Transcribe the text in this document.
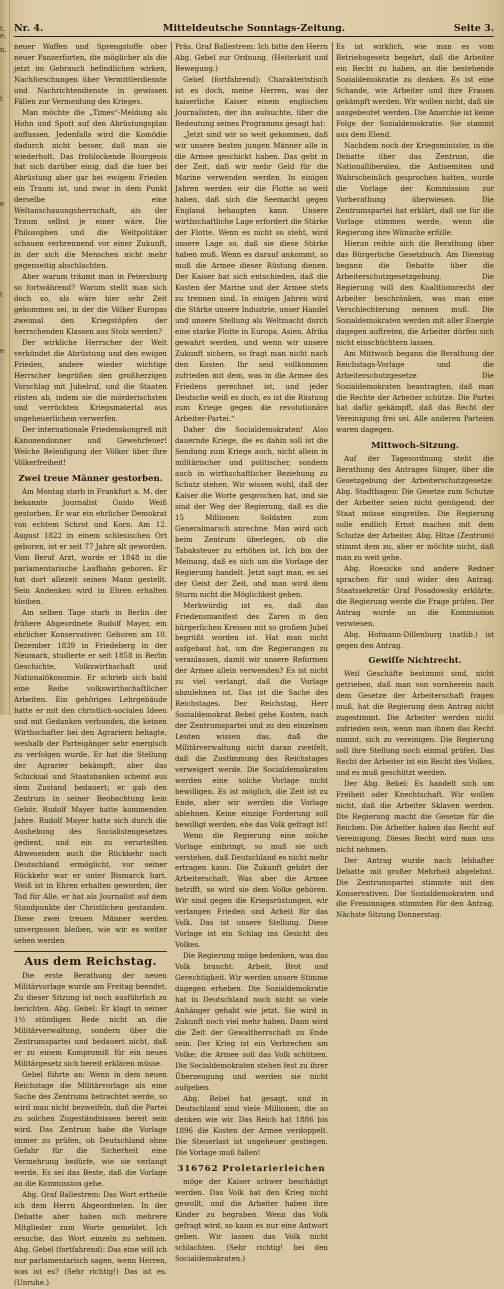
t.
e,

n.

t

e

t

e

Nr. 4.	Mitteldeutsche Sonntags-Zeitung.	Seite 3.

neuer Waffen und Sprengstoffe ober neuer Panzerforten, die möglicher als die jetzt im Gebrauch befindlichen wirken, Nachforschungen über Vermittlerdienste und Nachrichtendienste in gewissen Fällen zur Vermeidung des Krieges.

Man möchte die „Times“-Meldung als Hohn und Spott auf den Abrüstungsplan auffassen. Jedenfalls wird die Komödie dadurch nicht besser, daß man sie wiederholt. Das frohlockende Bourgeois hat sich darüber einig, daß die hier bei Abrüstung aber gar bei ewigem Frieden ein Traum ist, und zwar in dem Punkt derselbe eine Weltanschauungsherrschaft, als der Traum selbst je einer wäre. Die Philosophen und die Weltpolitiker schauen verbrennend vor einer Zukunft, in der sich die Menschen nicht mehr gegenseitig abschlachten.

Aber warum träumt man in Petersburg so fortwährend? Warum stellt man sich doch so, als wäre hier sehr Zeit gekommen sei, in der die Völker Europas zweimal den Kriegstöpfen der herrschenden Klassen aus Stolz werden?

Der wirkliche Herrscher der Welt verkündet die Abrüstung und den ewigen Frieden, andere wieder wichtige Herrscher begrüßen den großherzigen Vorschlag mit Jubelruf, und die Staaten rüsten ab, indem sie die mörderischsten und verrückten Kriegsmaterial aus ungeheuerlichem verwerfen.

Der internationale Friedenskongreß mit Kanonendonner und Gewehrfeuer! Welche Beleidigung der Völker über ihre Völkerfreiheit!

Zwei treue Männer gestorben.

Am Montag starb in Frankfurt a. M. der bekannte Journalist Guido Weiß gestorben. Er war ein ehrlicher Demokrat von echtem Schrot und Korn. Am 12. August 1822 in einem schlesischen Ort geboren, ist er seit 77 Jahre alt geworden. Vom Beruf Arzt, wurde er 1848 in die parlamentarische Laufbahn geboren. Er hat dort allezeit seinen Mann gestellt. Sein Andenken wird in Ehren erhalten bleiben.

Am selben Tage starb in Berlin der frühere Abgeordnete Rudolf Mayer, ein ehrlicher Konservativer. Geboren am 10. Dezember 1839 in Friedeberg in der Neumark, studierte er seit 1858 in Berlin Geschichte, Volkswirthschaft und Nationalökonomie. Er schrieb sich bald eine Reihe volkswirthschaftlicher Arbeiten. Ein gehöriges Lehrgebäude hatte er mit den christlich-socialen Ideen und mit Gedanken verbunden, die keinen Wirthschafter bei den Agrariern behagte, weshalb der Parteigänger sehr energisch zu verfolgen wurde. Er hat die Stellung der Agrarier bekämpft, aber das Schicksal und Staatsbanken scheint aus dem Zustand bedauert; er gab den Zentrum in seiner Beobachtung kein Gehör. Rudolf Mayer hatte kommenden Jahre. Rudolf Mayer hatte sich durch die Aushebung des Socialistengesetzes gedient, und ein zu verurteilten Abwesenden auch die Rückkehr nach Deutschland ermöglicht, vor seiner Rückkehr war er unter Bismarck hart. Weiß ist in Ehren erhalten geworden, der Tod für Alle, er hat als Journalist auf dem Standpunkte der Christlichen gestanden. Diese zwei treuen Männer werden unvergessen bleiben, wie wir es weiter sehen werden.

Aus dem Reichstag.

Die erste Berathung der neuen Militärvorlage wurde am Freitag beendet. Zu dieser Sitzung ist noch ausführlich zu berichten. Abg. Gebel: Er klagt in seiner 1½ stündigen Rede nicht an die Militärverwaltung, sondern über die Zentrumspartei und bedauert nicht, daß er zu einem Kompromiß für ein neues Militärgesetz sich bereit erklären müsse.

Gebel führte an: Wenn in dem neuen Reichstage die Militärvorlage als eine Sache des Zentrums betrachtet werde, so wird man nicht bezweifeln, daß die Partei zu solchen Zugeständnissen bereit sein wird. Das Zentrum habe die Vorlage immer zu prüfen, ob Deutschland ohne Gefahr für die Sicherheit eine Vermehrung bedürfe, wie sie verlangt werde. Es sei das Beste, daß die Vorlage an die Kommission gehe.

Abg. Graf Ballestrem: Das Wort ertheile ich dem Herrn Abgeordneten. In der Debatte aber haben sich mehrere Mitglieder zum Worte gemeldet. Ich ersuche, das Wort einzeln zu nehmen. Abg. Gebel (fortfahrend): Das eine will ich nur parlamentarisch sagen, wenn Herren, was ist es? (Sehr richtig!) Das ist es. (Unruhe.)

Präs. Graf Ballestrem: Ich bitte den Herrn Abg. Gebel zur Ordnung. (Heiterkeit und Bewegung.)

Gebel (fortfahrend): Charakteristisch ist es doch, meine Herren, was der kaiserliche Kaiser einem englischen Journalisten, der ihn aufsuchte, über die Bedeutung seines Programms gesagt hat:

„Jetzt sind wir so weit gekommen, daß wir unsere besten jungen Männer alle in die Armee geschickt haben. Das geht in der Zeit, daß wir mehr Geld für die Marine verwenden werden. In einigen Jahren werden wir die Flotte so weit haben, daß sich die Seemacht gegen England behaupten kann. Unsere wirthschaftliche Lage erfordert die Stärke der Flotte. Wenn es nicht so steht, wird unsere Lage so, daß sie diese Stärke haben muß. Wenn es darauf ankommt, so muß die Armee dieser Rüstung dienen. Der Kaiser hat sich entschieden, daß die Kosten der Marine und der Armee stets zu trennen sind. In einigen Jahren wird die Stärke unsere Industrie, unser Handel und unsere Stellung als Weltmacht durch eine starke Flotte in Europa, Asien, Afrika gewahrt werden, und wenn wir unsere Zukunft sichern, so fragt man nicht nach den Kosten. Ihr seid vollkommen zufrieden mit dem, was in die Armee des Friedens gerechnet ist, und jeder Deutsche weiß es doch, es ist die Rüstung zum Kriege gegen die revolutionäre Arbeiter-Partei.“

Daher die Socialdemokraten! Also dauernde Kriege, die es dahin soll ist die Sendung zum Kriege auch, nicht allein in militärischer und politischer, sondern auch in wirthschaftlicher Beziehung zu Schutz stehen. Wir wissen wohl, daß der Kaiser die Worte gesprochen hat, und sie sind der Weg der Regierung, daß es die 15 Millionen Soldaten zum Generalmarsch anrechne. Man wird sich beim Zentrum überlegen, ob die Tabaksteuer zu erhöhen ist. Ich bin der Meinung, daß es sich um die Vorlage der Regierung handelt. Jetzt sagt man, es sei der Geist der Zeit, und man wird dem Sturm nicht die Möglichkeit geben.

Merkwürdig ist es, daß das Friedensmanifest des Zaren in den bürgerlichen Kreisen mit so großem Jubel begrüßt worden ist. Hat man nicht aufgebaut hat, um die Regierungen zu veranlassen, damit wir unsere Reformen der Armee allein verwenden? Es ist nicht zu viel verlangt, daß die Vorlage abzulehnen ist. Das ist die Sache des Reichstages. Der Reichstag, Herr Sozialdemokrat Bebel gehe Kosten, nach der Zentrumspartei und zu den einzelnen Leuten wissen das, daß die Militärverwaltung nicht daran zweifelt, daß die Zustimmung des Reichstages verweigert werde. Die Socialdemokraten werden eine solche Vorlage nicht bewilligen. Es ist möglich, die Zeit ist zu Ende, aber wir werden die Vorlage ablehnen. Keine einzige Forderung soll bewilligt werden, ehe das Volk gefragt ist!

Wenn die Regierung eine solche Vorlage einbringt, so muß sie sich verstehen, daß Deutschland es nicht mehr ertragen kann. Die Zukunft gehört der Arbeiterschaft. Was aber die Armee betrifft, so wird sie dem Volke gehören. Wir sind gegen die Kriegsrüstungen, wir verlangen Frieden und Arbeit für das Volk. Das ist unsere Stellung. Diese Vorlage ist ein Schlag ins Gesicht des Volkes.

Die Regierung möge bedenken, was das Volk braucht: Arbeit, Brot und Gerechtigkeit. Wir werden unsere Stimme dagegen erheben. Die Sozialdemokratie hat in Deutschland noch nicht so viele Anhänger gehabt wie jetzt. Sie wird in Zukunft noch viel mehr haben. Dann wird die Zeit der Gewaltherrschaft zu Ende sein. Der Krieg ist ein Verbrechen am Volke; die Armee soll das Volk schützen. Die Socialdemokraten stehen fest zu ihrer Überzeugung und werden sie nicht aufgeben.

Abg. Bebel hat gesagt, und in Deutschland sind viele Millionen, die so denken wie wir. Das Reich hat 1886 bis 1896 die Kosten der Armee verdoppelt. Die Steuerlast ist ungeheuer gestiegen. Die Vorlage muß fallen!

316762 Proletarierleichen

möge der Kaiser schwer beschädigt werden. Das Volk hat den Krieg nicht gewollt, und die Arbeiter haben ihre Kinder zu begraben. Wenn das Volk gefragt wird, so kann es nur eine Antwort geben. Wir lassen das Volk nicht schlachten. (Sehr richtig! bei den Socialdemokraten.)

Es ist wirklich, wie man es vom Betriebsgesetz begehrt, daß die Arbeiter ein Recht zu haben, an die bestehende Sozialdemokratie zu denken. Es ist eine Schande, wie Arbeiter und ihre Frauen gekämpft werden. Wir wollen nicht, daß sie ausgebeutet werden. Die Anarchie ist keine Folge der Sozialdemokratie. Sie stammt aus dem Elend.

Nachdem noch der Kriegsminister, in die Debatte über das Zentrum, die Nationalliberalen, die Antisemiten und Wahrscheinlich gesprochen hatten, wurde die Vorlage der Kommission zur Vorberathung überwiesen. Die Zentrumspartei hat erklärt, daß sie für die Vorlage stimmen werde, wenn die Regierung ihre Wünsche erfülle.

Hieran reihte sich die Berathung über das Bürgerliche Gesetzbuch. Am Dienstag begann die Debatte über die Arbeiterschutzgesetzgebung. Die Regierung will den Koalitionsrecht der Arbeiter beschränken, was man eine Verschlechterung nennen muß. Die Sozialdemokraten werden mit aller Energie dagegen auftreten, die Arbeiter dürfen sich nicht einschüchtern lassen.

Am Mittwoch begann die Berathung der Reichstags-Vorlage und die Arbeiterschutzgesetze. Die Sozialdemokraten beantragten, daß man die Rechte der Arbeiter schütze. Die Partei hat dafür gekämpft, daß das Recht der Vereinigung frei sei. Alle anderen Parteien waren dagegen.

Mittwoch-Sitzung.

Auf der Tagesordnung steht die Berathung des Antrages Singer, über die Gesetzgebung der Arbeiterschutzgesetze. Abg. Stadthagen: Die Gesetze zum Schutze der Arbeiter seien nicht genügend; der Staat müsse eingreifen. Die Regierung solle endlich Ernst machen mit dem Schutze der Arbeiter. Abg. Hitze (Zentrum) stimmt dem zu, aber er möchte nicht, daß man zu weit gehe.

Abg. Roesicke und andere Redner sprachen für und wider den Antrag. Staatssekretär Graf Posadowsky erklärte, die Regierung werde die Frage prüfen. Der Antrag wurde an die Kommission verwiesen.

Abg. Hofmann-Dillenburg (natlib.) ist gegen den Antrag.

Gewiſſe Nichtrecht.

Weil Geschäfte bestimmt sind, nicht getrieben, daß man von vornherein nach dem Gesetze der Arbeiterschaft fragen muß, hat die Regierung dem Antrag nicht zugestimmt. Die Arbeiter werden nicht zufrieden sein, wenn man ihnen das Recht nimmt, sich zu vereinigen. Die Regierung soll ihre Stellung noch einmal prüfen. Das Recht der Arbeiter ist ein Recht des Volkes, und es muß geschützt werden.

Der Abg. Bebel: Es handelt sich um Freiheit oder Knechtschaft. Wir wollen nicht, daß die Arbeiter Sklaven werden. Die Regierung macht die Gesetze für die Reichen. Die Arbeiter haben das Recht auf Vereinigung. Dieses Recht wird man uns nicht nehmen.

Der Antrag wurde nach lebhafter Debatte mit großer Mehrheit abgelehnt. Die Zentrumspartei stimmte mit den Konservativen. Die Sozialdemokraten und die Freisinnigen stimmten für den Antrag. Nächste Sitzung Donnerstag.
